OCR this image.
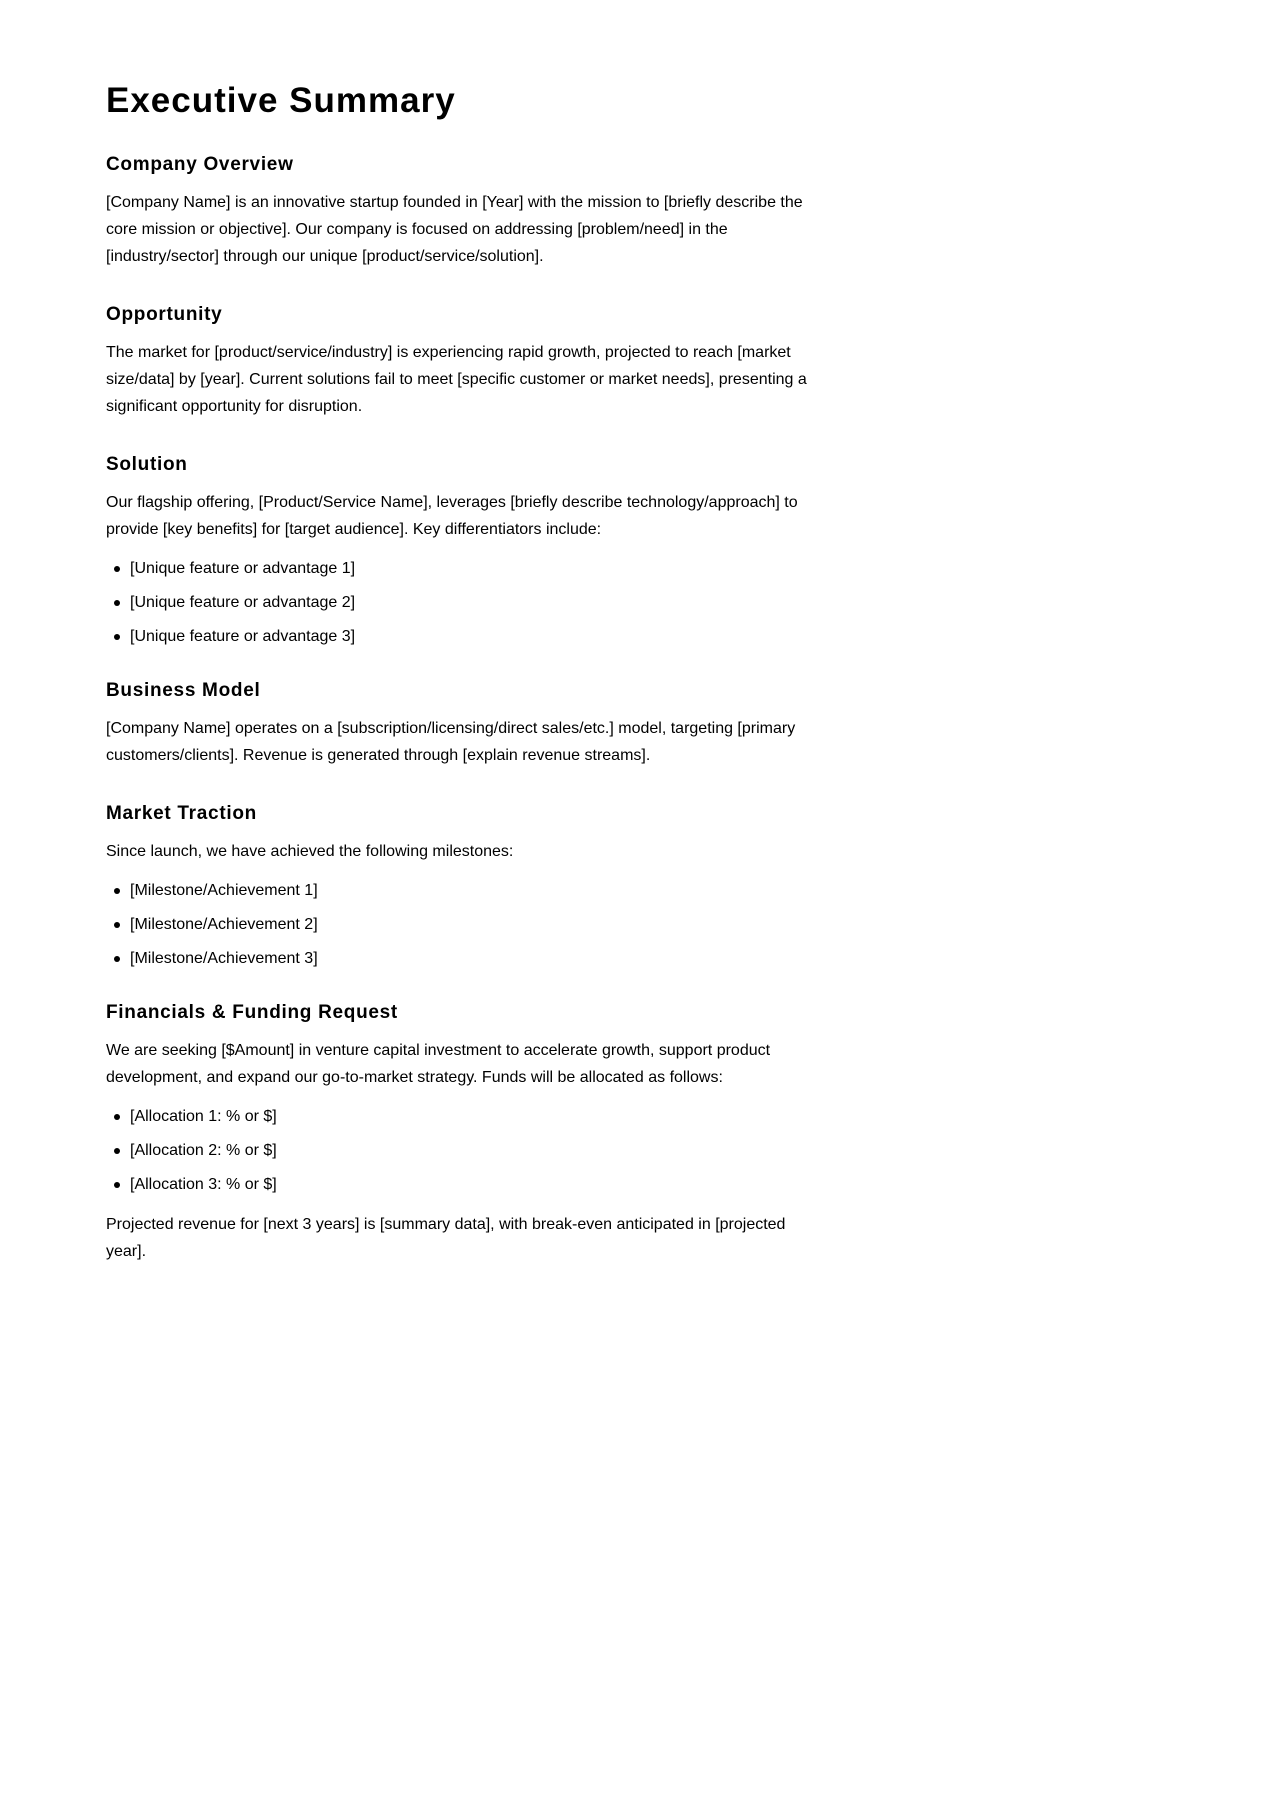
Executive Summary
Company Overview

[Company Name] is an innovative startup founded in [Year] with the mission to [briefly describe the core mission or objective]. Our company is focused on addressing [problem/need] in the [industry/sector] through our unique [product/service/solution].

Opportunity

The market for [product/service/industry] is experiencing rapid growth, projected to reach [market size/data] by [year]. Current solutions fail to meet [specific customer or market needs], presenting a significant opportunity for disruption.

Solution

Our flagship offering, [Product/Service Name], leverages [briefly describe technology/approach] to provide [key benefits] for [target audience]. Key differentiators include:

[Unique feature or advantage 1]
[Unique feature or advantage 2]
[Unique feature or advantage 3]
Business Model

[Company Name] operates on a [subscription/licensing/direct sales/etc.] model, targeting [primary customers/clients]. Revenue is generated through [explain revenue streams].

Market Traction

Since launch, we have achieved the following milestones:

[Milestone/Achievement 1]
[Milestone/Achievement 2]
[Milestone/Achievement 3]
Financials & Funding Request

We are seeking [$Amount] in venture capital investment to accelerate growth, support product development, and expand our go-to-market strategy. Funds will be allocated as follows:

[Allocation 1: % or $]
[Allocation 2: % or $]
[Allocation 3: % or $]

Projected revenue for [next 3 years] is [summary data], with break-even anticipated in [projected year].
